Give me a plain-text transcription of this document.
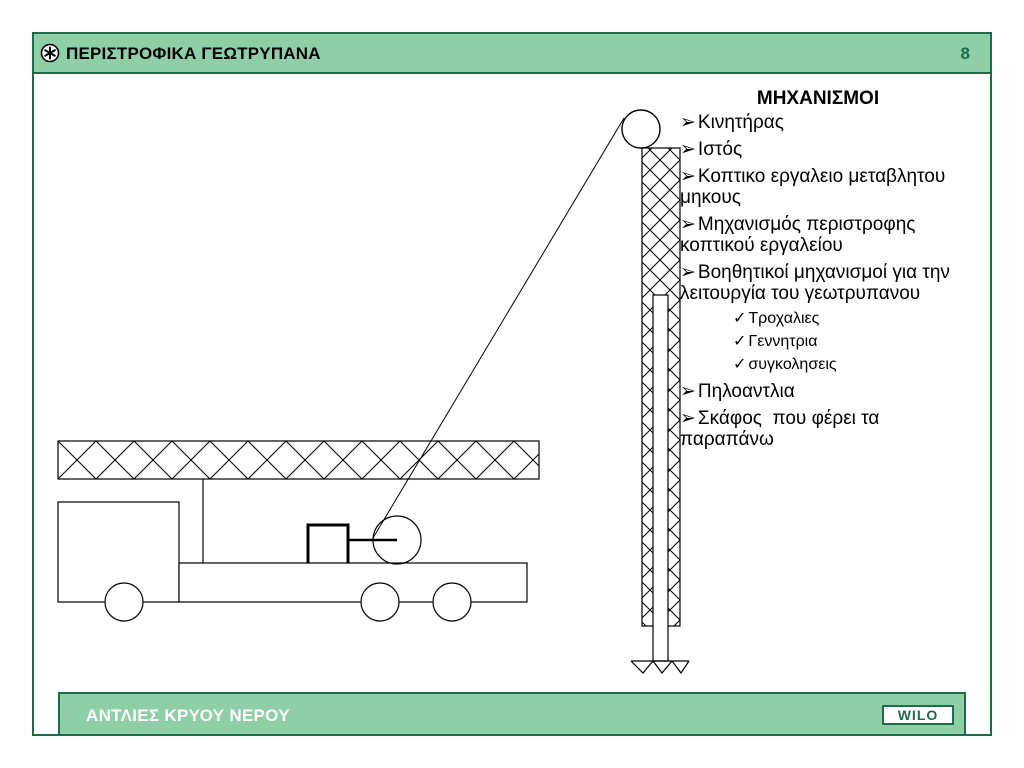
ΠΕΡΙΣΤΡΟΦΙΚΑ ΓΕΩΤΡΥΠΑΝΑ	8
ΑΝΤΛΙΕΣ ΚΡΥΟΥ ΝΕΡΟΥ	WILO
ΜΗΧΑΝΙΣΜΟΙ
➢ Κινητήρας
➢ Ιστός
➢ Κοπτικο εργαλειο μεταβλητου μηκους
➢ Μηχανισμός περιστροφης κοπτικού εργαλείου
➢ Βοηθητικοί μηχανισμοί για την λειτουργία του γεωτρυπανου
✓ Τροχαλιες
✓ Γεννητρια
✓ συγκολησεις
➢ Πηλοαντλια
➢ Σκάφος  που φέρει τα παραπάνω
